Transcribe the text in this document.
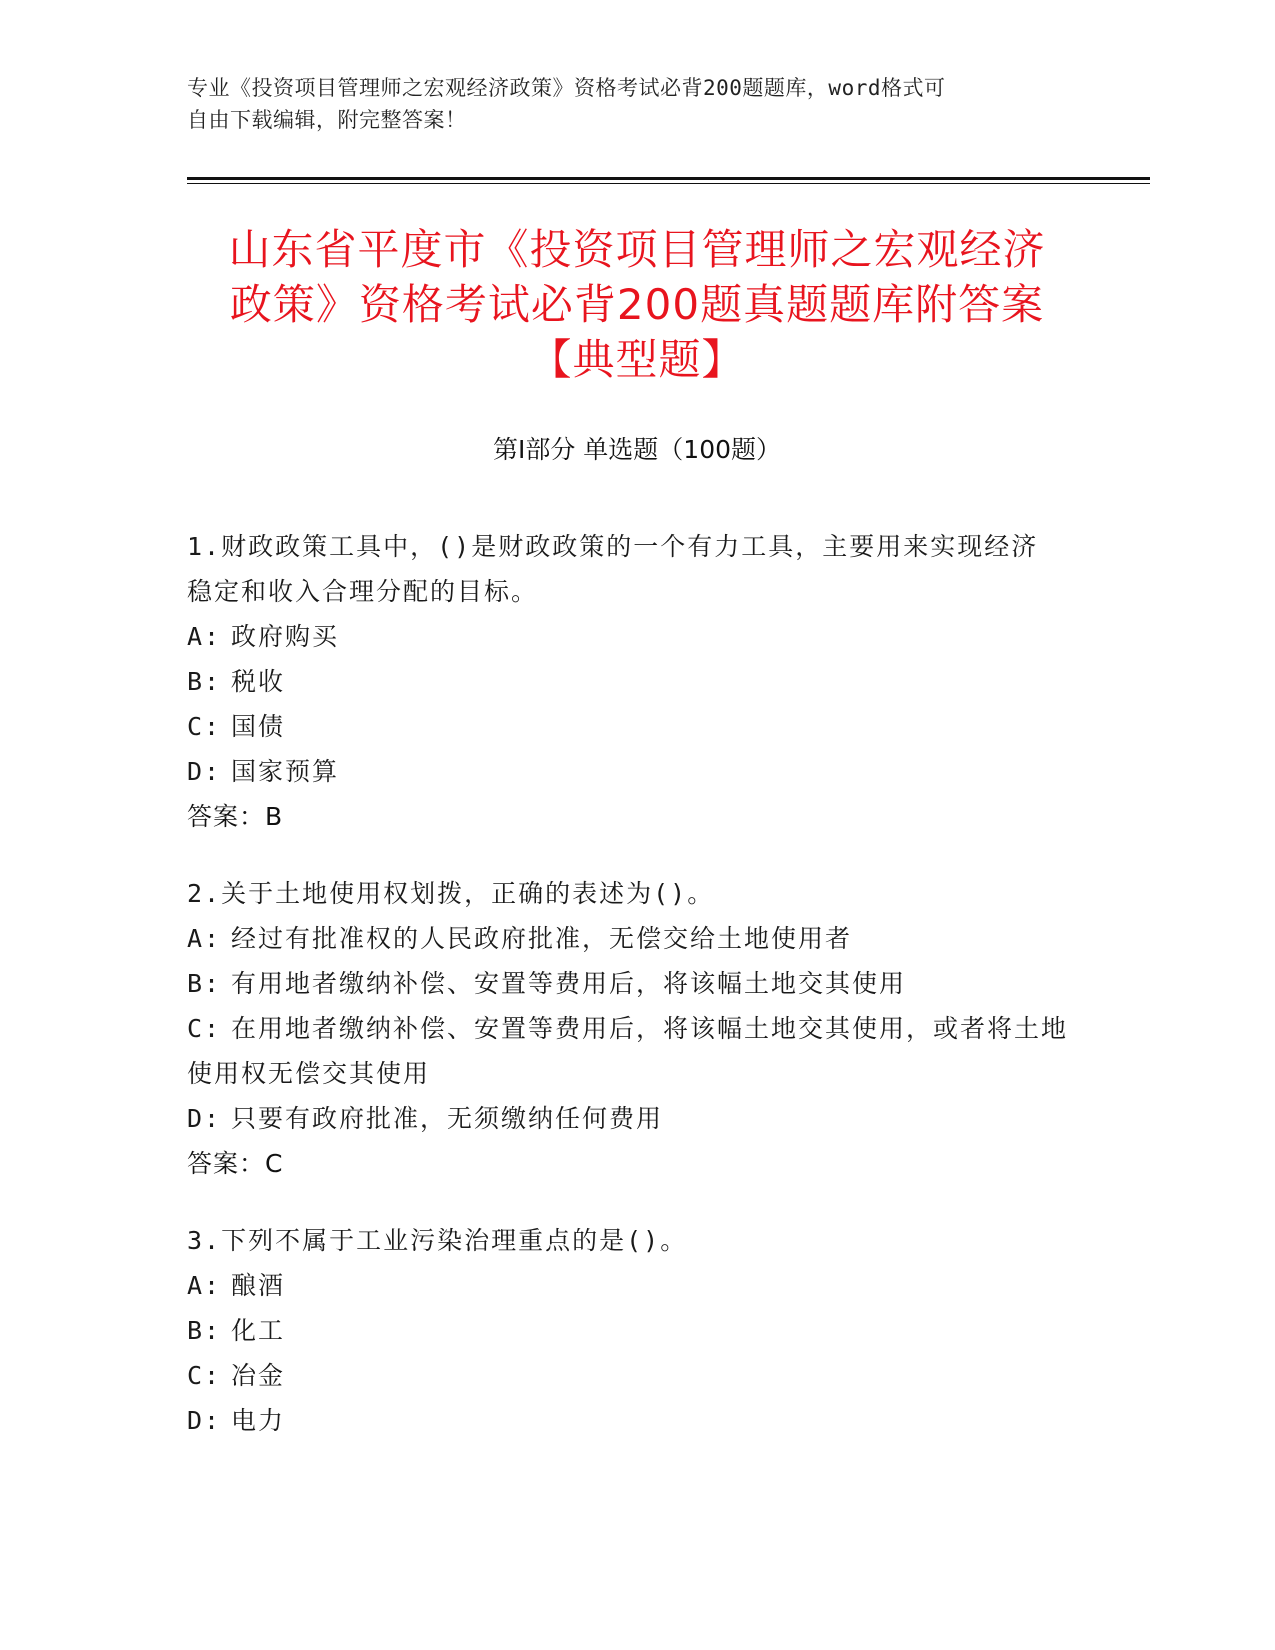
专业《投资项目管理师之宏观经济政策》资格考试必背200题题库，word格式可
自由下载编辑，附完整答案！
山东省平度市《投资项目管理师之宏观经济
政策》资格考试必背200题真题题库附答案
【典型题】
第Ⅰ部分 单选题（100题）
1.财政政策工具中，()是财政政策的一个有力工具，主要用来实现经济稳定和收入合理分配的目标。
A: 政府购买
B: 税收
C: 国债
D: 国家预算
答案：B
2.关于土地使用权划拨，正确的表述为()。
A: 经过有批准权的人民政府批准，无偿交给土地使用者
B: 有用地者缴纳补偿、安置等费用后，将该幅土地交其使用
C: 在用地者缴纳补偿、安置等费用后，将该幅土地交其使用，或者将土地使用权无偿交其使用
D: 只要有政府批准，无须缴纳任何费用
答案：C
3.下列不属于工业污染治理重点的是()。
A: 酿酒
B: 化工
C: 冶金
D: 电力
